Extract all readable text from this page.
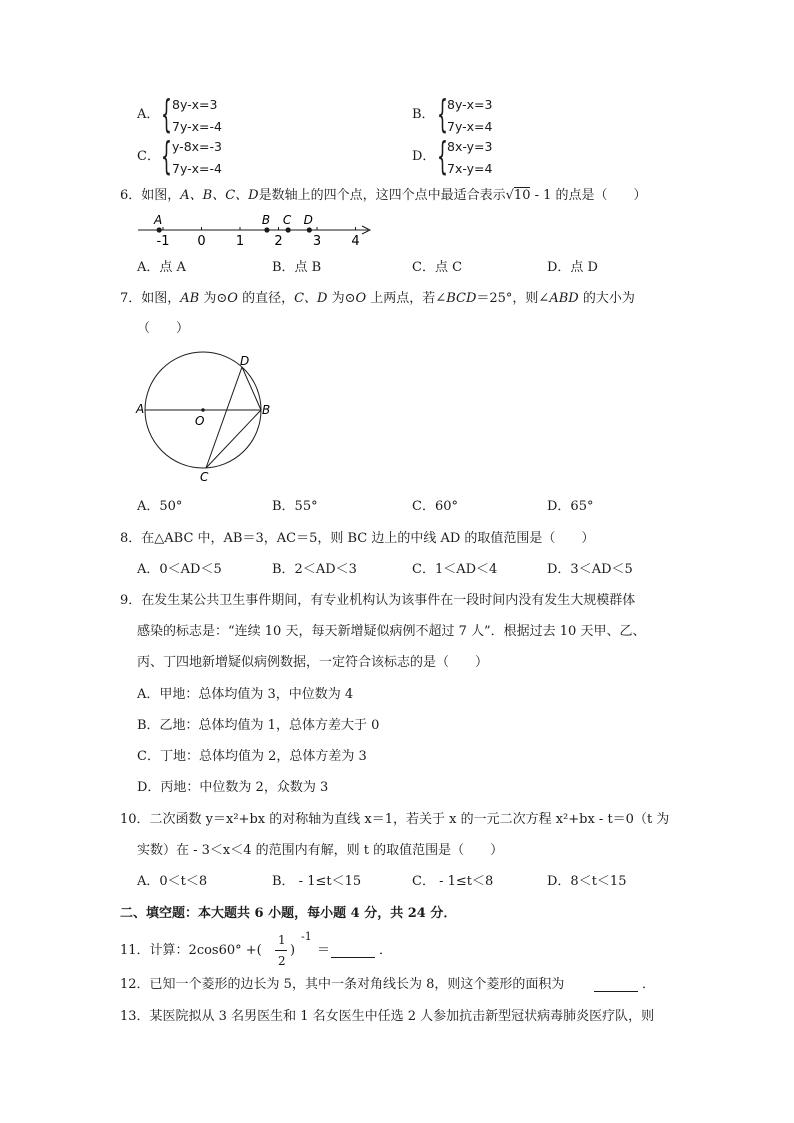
A． { 8y-x=3
7y-x=-4
B． { 8y-x=3
7y-x=4
C． { y-8x=-3
7y-x=-4
D． { 8x-y=3
7x-y=4
6．如图，A、B、C、D是数轴上的四个点，这四个点中最适合表示√10 - 1 的点是（　　）
-1 0 1 2 3 4
A	B C D
A．点 A	B．点 B	C．点 C	D．点 D
7．如图，AB 为⊙O 的直径，C、D 为⊙O 上两点，若∠BCD＝25°，则∠ABD 的大小为
（　　）
A	B
C
D
O
A．50°	B．55°	C．60°	D．65°
8．在△ABC 中，AB＝3，AC＝5，则 BC 边上的中线 AD 的取值范围是（　　）
A．0＜AD＜5	B．2＜AD＜3	C．1＜AD＜4	D．3＜AD＜5
9．在发生某公共卫生事件期间，有专业机构认为该事件在一段时间内没有发生大规模群体
感染的标志是：“连续 10 天，每天新增疑似病例不超过 7 人”．根据过去 10 天甲、乙、
丙、丁四地新增疑似病例数据，一定符合该标志的是（　　）
A．甲地：总体均值为 3，中位数为 4
B．乙地：总体均值为 1，总体方差大于 0
C．丁地：总体均值为 2，总体方差为 3
D．丙地：中位数为 2，众数为 3
10．二次函数 y＝x²+bx 的对称轴为直线 x＝1，若关于 x 的一元二次方程 x²+bx - t＝0（t 为
实数）在 - 3＜x＜4 的范围内有解，则 t 的取值范围是（　　）
A．0＜t＜8	B． - 1≤t＜15	C． - 1≤t＜8	D．8＜t＜15
二、填空题：本大题共 6 小题，每小题 4 分，共 24 分．
11．计算：2cos60° +(
1
2
)
-1
＝	．
12．已知一个菱形的边长为 5，其中一条对角线长为 8，则这个菱形的面积为	．
13．某医院拟从 3 名男医生和 1 名女医生中任选 2 人参加抗击新型冠状病毒肺炎医疗队，则
